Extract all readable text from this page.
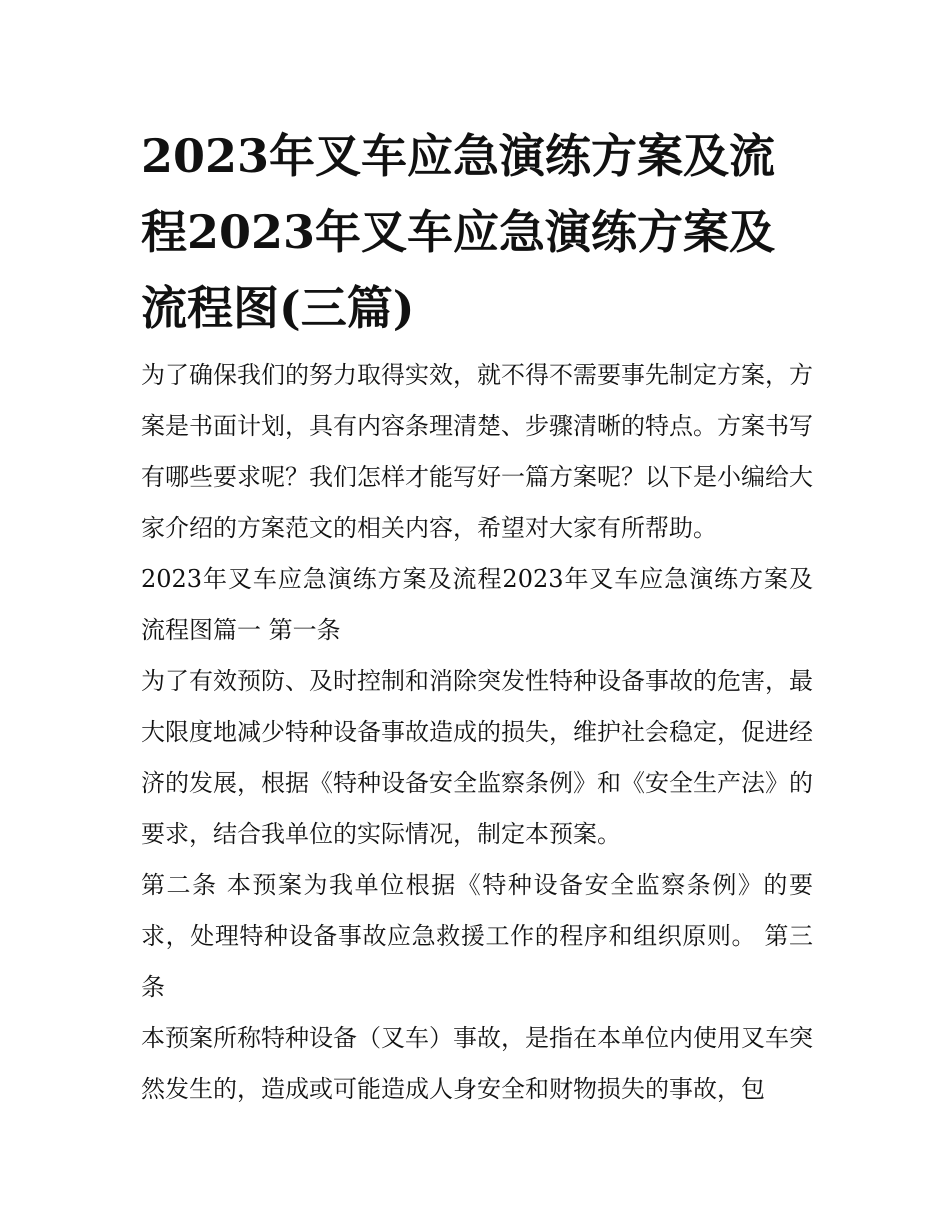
2023年叉车应急演练方案及流程2023年叉车应急演练方案及流程图(三篇)

为了确保我们的努力取得实效，就不得不需要事先制定方案，方案是书面计划，具有内容条理清楚、步骤清晰的特点。方案书写有哪些要求呢？我们怎样才能写好一篇方案呢？以下是小编给大家介绍的方案范文的相关内容，希望对大家有所帮助。

2023年叉车应急演练方案及流程2023年叉车应急演练方案及流程图篇一 第一条

为了有效预防、及时控制和消除突发性特种设备事故的危害，最大限度地减少特种设备事故造成的损失，维护社会稳定，促进经济的发展，根据《特种设备安全监察条例》和《安全生产法》的要求，结合我单位的实际情况，制定本预案。

第二条 本预案为我单位根据《特种设备安全监察条例》的要求，处理特种设备事故应急救援工作的程序和组织原则。 第三条

本预案所称特种设备（叉车）事故，是指在本单位内使用叉车突然发生的，造成或可能造成人身安全和财物损失的事故，包
